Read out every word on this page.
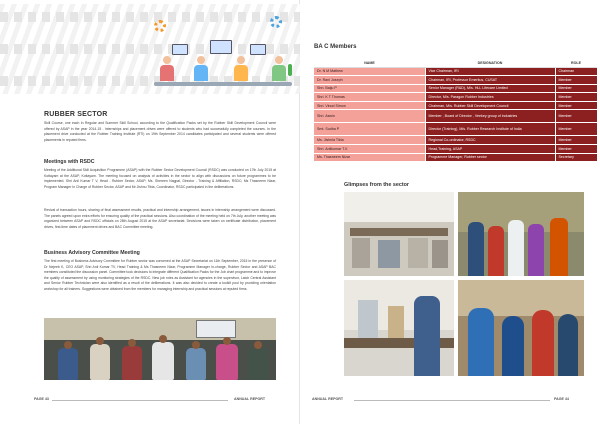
RUBBER SECTOR
Skill Course, one each in Regular and Summer Skill School, according to the Qualification Packs set by the Rubber Skill Development Council were offered by ASAP in the year 2014-15 . Internships and placement drives were offered to students who had successfully completed the courses. In the placement drive conducted at the Rubber Training Institute (RTI) on 19th September 2014 candidates participated and several students were offered placements in reputed firms.
Meetings with RSDC
Meeting of the Additional Skill Acquisition Programme (ASAP) with the Rubber Sector Development Council (RSDC) was conducted on 17th July 2015 at Kottayam at the ASAP, Kottayam. The meeting focused on analysis of activities in the sector to align with discussions on future programmes to be implemented. Shri Anil Kumar T V, Head - Rubber Sector, ASAP; Ms. Shereen Nagpal, Director - Training & Affiliation, RSDC; Ms Thasneem Nizar, Program Manager In Charge of Rubber Sector, ASAP and Mr Jishnu Tibia, Coordinator, RSDC participated in the deliberations.
Revival of transaction hours, sharing of final assessment results, practical and internship arrangement, issues in internship arrangement were discussed. The panels agreed upon extra efforts for ensuring quality of the practical sessions. Also coordination of the meeting held on 7th July, another meeting was organized between ASAP and RSDC officials on 28th August 2015 at the ASAP secretariat. Decisions were taken on certificate distribution, placement drives, first-time dates of placement drives and BAC Committee meeting.
Business Advisory Committee Meeting
The first meeting of Business Advisory Committee for Rubber sector was convened at the ASAP Secretariat on 11th September, 2015 in the presence of Dr Nejeeb K, CEO ASAP, Shri Anil Kumar TV, Head Training & Ms Thasneem Nizar, Programme Manager In-charge, Rubber Sector and ASAP BAC members constituted the discussion panel. Committee took decisions to integrate different Qualification Packs for the Job chart programme and to improve the quality of assessment by using monitoring strategies of the RSDC. New job roles as Assistant for agencies in the supervisor, Latch Central Assistant and Senior Rubber Technician were also identified as a result of the deliberations. It was also decided to create a toolkit pool by providing orientation workshop for all trainers. Suggestions were obtained from the members for managing internship and practical sessions at reputed firms.
PAGE 43	ANNUAL REPORT
BA C Members
NAME	DESIGNATION	ROLE
Dr. N M Mathew	Vice Chairman, IRI	Chairman
Dr. Rani Joseph	Chairman, IRI, Professor Emeritus, CUSAT	Member
Shri. Baiju P	Senior Manager (R&D), M/s. HLL Lifecare Limited	Member
Shri. K T Thomas	Director, M/s. Paragon Rubber Industries	Member
Shri. Vinod Simon	Chairman, M/s. Rubber Skill Development Council	Member
Shri. Aswin	Member , Board of Director , Veekey group of industries	Member
Smt. Sudha P	Director (Training), M/s. Rubber Research Institute of India	Member
Ms. Jishnla Tibia	Regional Co-ordinator, RSDC	Member
Shri. Anilkumar T.V.	Head,Training, ASAP	Member
Ms. Thasneem Nizar	Programme Manager, Rubber sector	Secretary
Glimpses from the sector
ANNUAL REPORT	PAGE 44
